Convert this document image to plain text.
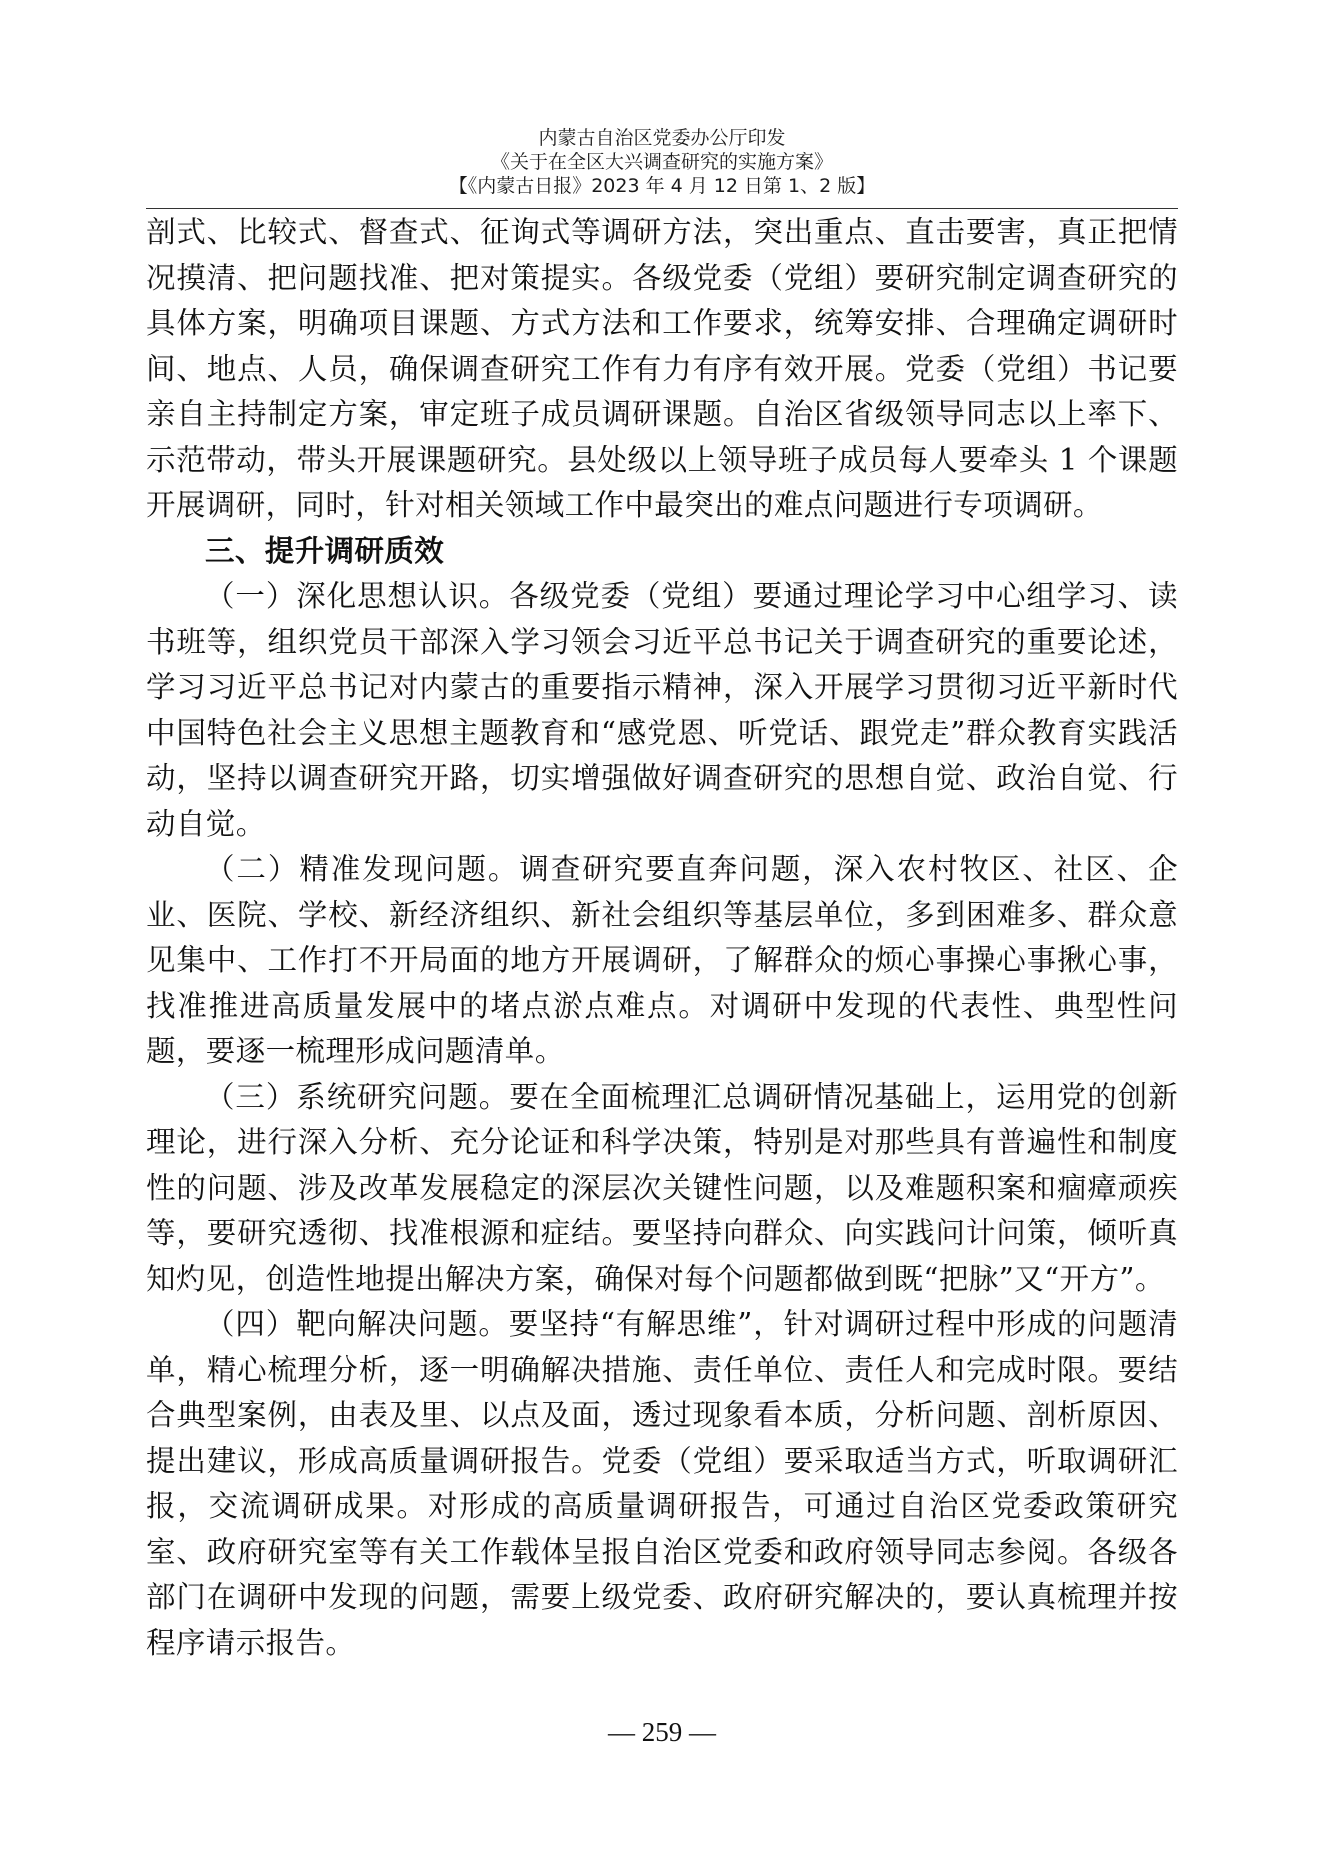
内蒙古自治区党委办公厅印发
《关于在全区大兴调查研究的实施方案》
【《内蒙古日报》2023 年 4 月 12 日第 1、2 版】

剖式、比较式、督查式、征询式等调研方法，突出重点、直击要害，真正把情况摸清、把问题找准、把对策提实。各级党委（党组）要研究制定调查研究的具体方案，明确项目课题、方式方法和工作要求，统筹安排、合理确定调研时间、地点、人员，确保调查研究工作有力有序有效开展。党委（党组）书记要亲自主持制定方案，审定班子成员调研课题。自治区省级领导同志以上率下、示范带动，带头开展课题研究。县处级以上领导班子成员每人要牵头 1 个课题开展调研，同时，针对相关领域工作中最突出的难点问题进行专项调研。

三、提升调研质效

（一）深化思想认识。各级党委（党组）要通过理论学习中心组学习、读书班等，组织党员干部深入学习领会习近平总书记关于调查研究的重要论述，学习习近平总书记对内蒙古的重要指示精神，深入开展学习贯彻习近平新时代中国特色社会主义思想主题教育和“感党恩、听党话、跟党走”群众教育实践活动，坚持以调查研究开路，切实增强做好调查研究的思想自觉、政治自觉、行动自觉。

（二）精准发现问题。调查研究要直奔问题，深入农村牧区、社区、企业、医院、学校、新经济组织、新社会组织等基层单位，多到困难多、群众意见集中、工作打不开局面的地方开展调研，了解群众的烦心事操心事揪心事，找准推进高质量发展中的堵点淤点难点。对调研中发现的代表性、典型性问题，要逐一梳理形成问题清单。

（三）系统研究问题。要在全面梳理汇总调研情况基础上，运用党的创新理论，进行深入分析、充分论证和科学决策，特别是对那些具有普遍性和制度性的问题、涉及改革发展稳定的深层次关键性问题，以及难题积案和痼瘴顽疾等，要研究透彻、找准根源和症结。要坚持向群众、向实践问计问策，倾听真知灼见，创造性地提出解决方案，确保对每个问题都做到既“把脉”又“开方”。

（四）靶向解决问题。要坚持“有解思维”，针对调研过程中形成的问题清单，精心梳理分析，逐一明确解决措施、责任单位、责任人和完成时限。要结合典型案例，由表及里、以点及面，透过现象看本质，分析问题、剖析原因、提出建议，形成高质量调研报告。党委（党组）要采取适当方式，听取调研汇报，交流调研成果。对形成的高质量调研报告，可通过自治区党委政策研究室、政府研究室等有关工作载体呈报自治区党委和政府领导同志参阅。各级各部门在调研中发现的问题，需要上级党委、政府研究解决的，要认真梳理并按程序请示报告。

— 259 —
